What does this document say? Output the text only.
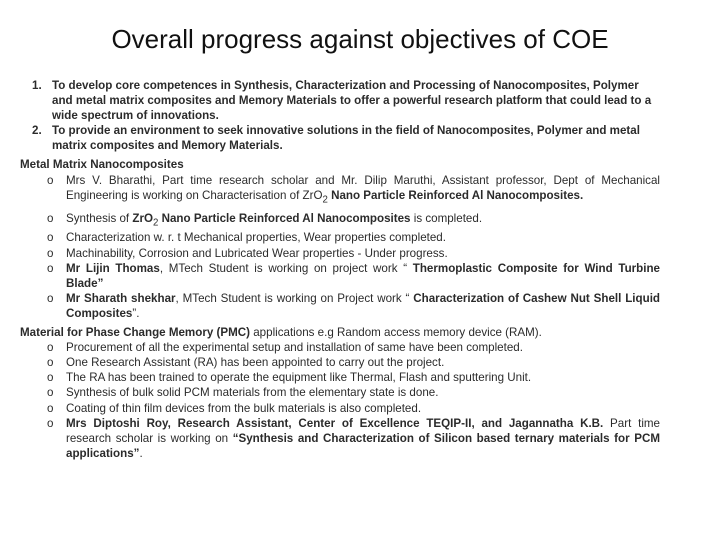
Overall progress against objectives of COE
1. To develop core competences in Synthesis, Characterization and Processing of Nanocomposites, Polymer and metal matrix composites and Memory Materials to offer a powerful research platform that could lead to a wide spectrum of innovations.
2. To provide an environment to seek innovative solutions in the field of Nanocomposites, Polymer and metal matrix composites and Memory Materials.
Metal Matrix Nanocomposites
o	Mrs V. Bharathi, Part time research scholar and Mr. Dilip Maruthi, Assistant professor, Dept of Mechanical Engineering is working on Characterisation of ZrO$_2$ Nano Particle Reinforced Al Nanocomposites.
o	Synthesis of ZrO$_2$ Nano Particle Reinforced Al Nanocomposites is completed.
o	Characterization w. r. t Mechanical properties, Wear properties completed.
o	Machinability, Corrosion and Lubricated Wear properties - Under progress.
o	Mr Lijin Thomas, MTech Student is working on project work “ Thermoplastic Composite for Wind Turbine Blade”
o	Mr Sharath shekhar, MTech Student is working on Project work “ Characterization of Cashew Nut Shell Liquid Composites”.
Material for Phase Change Memory (PMC) applications e.g Random access memory device (RAM).
o	Procurement of all the experimental setup and installation of same have been completed.
o	One Research Assistant (RA) has been appointed to carry out the project.
o	The RA has been trained to operate the equipment like Thermal, Flash and sputtering Unit.
o	Synthesis of bulk solid PCM materials from the elementary state is done.
o	Coating of thin film devices from the bulk materials is also completed.
o	Mrs Diptoshi Roy, Research Assistant, Center of Excellence TEQIP-II, and Jagannatha K.B. Part time research scholar is working on “Synthesis and Characterization of Silicon based ternary materials for PCM applications”.
